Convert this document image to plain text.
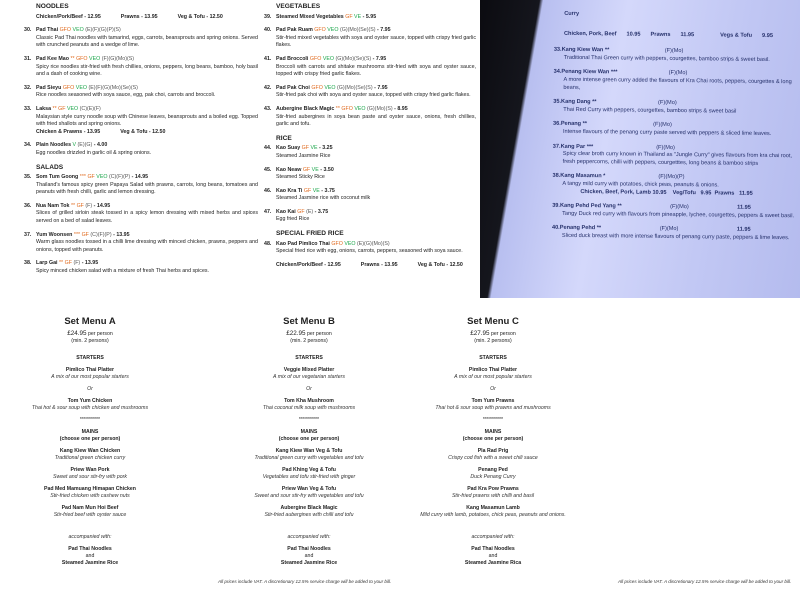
NOODLES
Chicken/Pork/Beef - 12.95	Prawns - 13.95	Veg & Tofu - 12.50
30. Pad Thai GFO VEO (E)(F)(G)(P)(S)
Classic Pad Thai noodles with tamarind, eggs, carrots, beansprouts and spring onions. Served with crunched peanuts and a wedge of lime.
31. Pad Kee Mao ** GFO VEO (F)(G)(Mo)(S)
Spicy rice noodles stir-fried with fresh chillies, onions, peppers, long beans, bamboo, holy basil and a dash of cooking wine.
32. Pad Sieyu GFO VEO (E)(F)(G)(Mo)(Se)(S)
Rice noodles seasoned with soya sauce, egg, pak choi, carrots and broccoli.
33. Laksa ** GF VEO (C)(E)(F)
Malaysian style curry noodle soup with Chinese leaves, beansprouts and a boiled egg. Topped with fried shallots and spring onions.
Chicken & Prawns - 13.95	Veg & Tofu - 12.50
34. Plain Noodles V (E)(G) - 4.00
Egg noodles drizzled in garlic oil & spring onions.
SALADS
35. Som Tum Goong *** GF VEO (C)(F)(P) - 14.95
Thailand's famous spicy green Papaya Salad with prawns, carrots, long beans, tomatoes and peanuts with fresh chilli, garlic and lemon dressing.
36. Nua Nam Tok ** GF (F) - 14.95
Slices of grilled sirloin steak tossed in a spicy lemon dressing with mixed herbs and spices served on a bed of salad leaves.
37. Yum Woonsen *** GF (C)(F)(P) - 13.95
Warm glass noodles tossed in a chilli lime dressing with minced chicken, prawns, peppers and onions, topped with peanuts.
38. Larp Gai ** GF (F) - 13.95
Spicy minced chicken salad with a mixture of fresh Thai herbs and spices.
VEGETABLES
39. Steamed Mixed Vegetables GF VE - 5.95
40. Pad Pak Ruam GFO VEO (G)(Mo)(Se)(S) - 7.95
Stir-fried mixed vegetables with soya and oyster sauce, topped with crispy fried garlic flakes.
41. Pad Broccoli GFO VEO (G)(Mo)(Se)(S) - 7.95
Broccoli with carrots and shitake mushrooms stir-fried with soya and oyster sauce, topped with crispy fried garlic flakes.
42. Pad Pak Choi GFO VEO (G)(Mo)(Se)(S) - 7.95
Stir-fried pak choi with soya and oyster sauce, topped with crispy fried garlic flakes.
43. Aubergine Black Magic ** GFO VEO (G)(Mo)(S) - 8.95
Stir-fried aubergines in soya bean paste and oyster sauce, onions, fresh chillies, garlic and tofu.
RICE
44. Kao Suay GF VE - 3.25
Steamed Jasmine Rice
45. Kao Neaw GF VE - 3.50
Steamed Sticky Rice
46. Kao Kra Ti GF VE - 3.75
Steamed Jasmine rice with coconut milk
47. Kao Kai GF (E) - 3.75
Egg fried Rice
SPECIAL FRIED RICE
48. Kao Pad Pimlico Thai GFO VEO (E)(G)(Mo)(S)
Special fried rice with egg, onions, carrots, peppers, seasoned with soya sauce.
Chicken/Pork/Beef - 12.95	Prawns - 13.95	Veg & Tofu - 12.50
Curry
Chicken, Pork, Beef 10.95 Prawns 11.95	Vegs & Tofu 9.95
33.Kang Kiew Wan **	(F)(Mo)
Traditional Thai Green curry with peppers, courgettes, bamboo strips & sweet basil.
34.Penang Kiew Wan ***	(F)(Mo)
A more intense green curry added the flavours of Kra Chai roots, peppers, courgettes & long beans,
35.Kang Dang **	(F)(Mo)
Thai Red Curry with peppers, courgettes, bamboo strips & sweet basil
36.Penang **	(F)(Mo)
Intense flavours of the penang curry paste served with peppers & sliced lime leaves.
37.Kang Par ***	(F)(Mo)
Spicy clear broth curry known in Thailand as "Jungle Curry" gives flavours from kra chai root, fresh peppercorns, chilli with peppers, courgetttes, long beans & bamboo strips
38.Kang Masamun *	(F)(Mo)(P)
A tangy mild curry with potatoes, chick peas, peanuts & onions.
Chicken, Beef, Pork, Lamb 10.95    Veg/Tofu   9.95  Prawns   11.95
39.Kang Pehd Ped Yang **	(F)(Mo)	11.95
Tangy Duck red curry with flavours from pineapple, lychee, courgettes, peppers & sweet basil.
40.Penang Pehd **	(F)(Mo)	11.95
Sliced duck breast with more intense flavours of penang curry paste, peppers & lime leaves.
Set Menu A
£24.95 per person
(min. 2 persons)
STARTERS
Pimlico Thai Platter
A mix of our most popular starters
Or
Tom Yum Chicken
Thai hot & sour soup with chicken and mushrooms
**********
MAINS
(choose one per person)
Kang Kiew Wan Chicken
Traditional green chicken curry
Priew Wan Pork
Sweet and sour stir-fry with pork
Pad Med Mamuang Himapan Chicken
Stir-fried chicken with cashew nuts
Pad Nam Mun Hoi Beef
Stir-fried beef with oyster sauce
accompanied with:
Pad Thai Noodles
and
Steamed Jasmine Rice
Set Menu B
£22.95 per person
(min. 2 persons)
STARTERS
Veggie Mixed Platter
A mix of our vegetarian starters
Or
Tom Kha Mushroom
Thai coconut milk soup with mushrooms
**********
MAINS
(choose one per person)
Kang Kiew Wan Veg & Tofu
Traditional green curry with vegetables and tofu
Pad Khing Veg & Tofu
Vegetables and tofu stir-fried with ginger
Priew Wan Veg & Tofu
Sweet and sour stir-fry with vegetables and tofu
Aubergine Black Magic
Stir-fried aubergines with chilli and tofu
accompanied with:
Pad Thai Noodles
and
Steamed Jasmine Rice
Set Menu C
£27.95 per person
(min. 2 persons)
STARTERS
Pimlico Thai Platter
A mix of our most popular starters
Or
Tom Yum Prawns
Thai hot & sour soup with prawns and mushrooms
**********
MAINS
(choose one per person)
Pla Rad Prig
Crispy cod fish with a sweet chili sauce
Penang Ped
Duck Penang Curry
Pad Kra Pow Prawns
Stir-fried prawns with chilli and basil
Kang Masamun Lamb
Mild curry with lamb, potatoes, chick peas, peanuts and onions.
accompanied with:
Pad Thai Noodles
and
Steamed Jasmine Rica
All prices include VAT. A discretionary 12.5% service charge will be added to your bill.	All prices include VAT. A discretionary 12.5% service charge will be added to your bill.
